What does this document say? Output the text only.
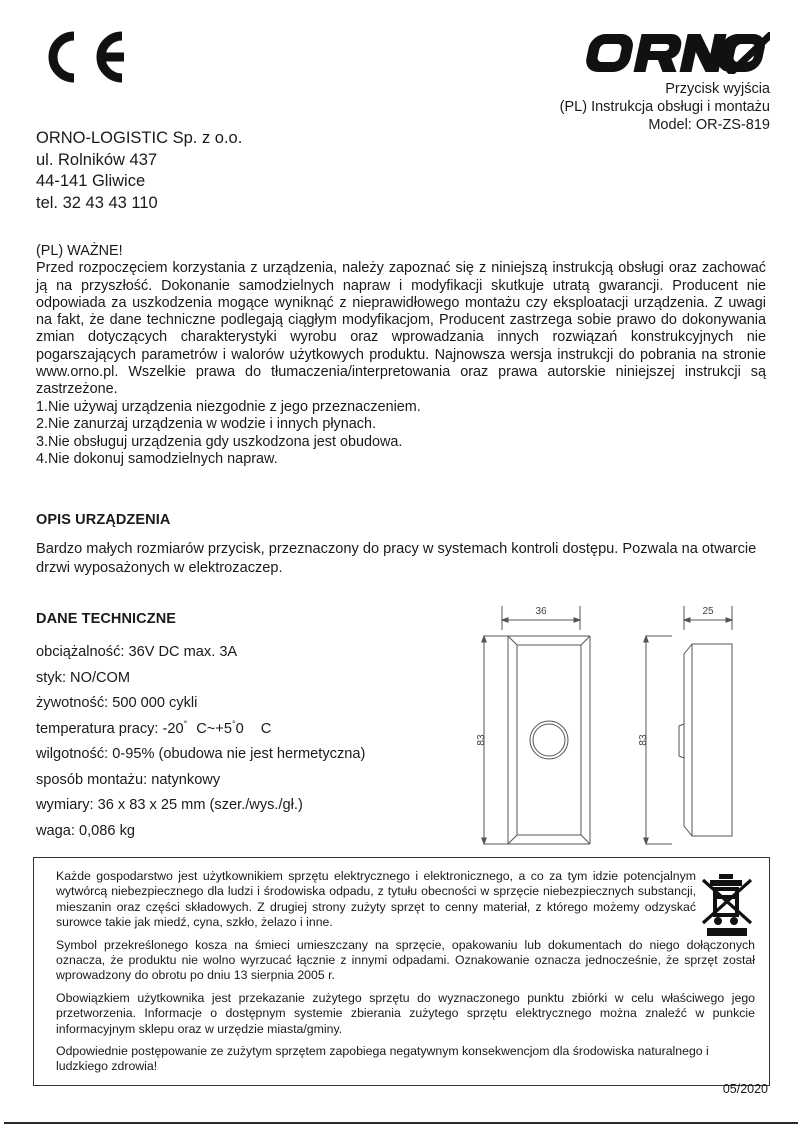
Przycisk wyjścia
(PL) Instrukcja obsługi i montażu
Model: OR-ZS-819
ORNO-LOGISTIC Sp. z o.o.
ul. Rolników 437
44-141 Gliwice
tel. 32 43 43 110
(PL) WAŻNE!
Przed rozpoczęciem korzystania z urządzenia, należy zapoznać się z niniejszą instrukcją obsługi oraz zachować ją na przyszłość. Dokonanie samodzielnych napraw i modyfikacji skutkuje utratą gwarancji. Producent nie odpowiada za uszkodzenia mogące wyniknąć z nieprawidłowego montażu czy eksploatacji urządzenia. Z uwagi na fakt, że dane techniczne podlegają ciągłym modyfikacjom, Producent zastrzega sobie prawo do dokonywania zmian dotyczących charakterystyki wyrobu oraz wprowadzania innych rozwiązań konstrukcyjnych nie pogarszających parametrów i walorów użytkowych produktu. Najnowsza wersja instrukcji do pobrania na stronie www.orno.pl. Wszelkie prawa do tłumaczenia/interpretowania oraz prawa autorskie niniejszej instrukcji są zastrzeżone.
1.Nie używaj urządzenia niezgodnie z jego przeznaczeniem.
2.Nie zanurzaj urządzenia w wodzie i innych płynach.
3.Nie obsługuj urządzenia gdy uszkodzona jest obudowa.
4.Nie dokonuj samodzielnych napraw.
OPIS URZĄDZENIA
Bardzo małych rozmiarów przycisk, przeznaczony do pracy w systemach kontroli dostępu. Pozwala na otwarcie drzwi wyposażonych w elektrozaczep.
DANE TECHNICZNE
obciążalność: 36V DC max. 3A
styk: NO/COM
żywotność: 500 000 cykli
temperatura pracy: -20° C~+5°0 C
wilgotność: 0-95% (obudowa nie jest hermetyczna)
sposób montażu: natynkowy
wymiary: 36 x 83 x 25 mm (szer./wys./gł.)
waga: 0,086 kg
36	25
83	83

Każde gospodarstwo jest użytkownikiem sprzętu elektrycznego i elektronicznego, a co za tym idzie potencjalnym wytwórcą niebezpiecznego dla ludzi i środowiska odpadu, z tytułu obecności w sprzęcie niebezpiecznych substancji, mieszanin oraz części składowych. Z drugiej strony zużyty sprzęt to cenny materiał, z którego możemy odzyskać surowce takie jak miedź, cyna, szkło, żelazo i inne.

Symbol przekreślonego kosza na śmieci umieszczany na sprzęcie, opakowaniu lub dokumentach do niego dołączonych oznacza, że produktu nie wolno wyrzucać łącznie z innymi odpadami. Oznakowanie oznacza jednocześnie, że sprzęt został wprowadzony do obrotu po dniu 13 sierpnia 2005 r.

Obowiązkiem użytkownika jest przekazanie zużytego sprzętu do wyznaczonego punktu zbiórki w celu właściwego jego przetworzenia. Informacje o dostępnym systemie zbierania zużytego sprzętu elektrycznego można znaleźć w punkcie informacyjnym sklepu oraz w urzędzie miasta/gminy.

Odpowiednie postępowanie ze zużytym sprzętem zapobiega negatywnym konsekwencjom dla środowiska naturalnego i ludzkiego zdrowia!

05/2020
